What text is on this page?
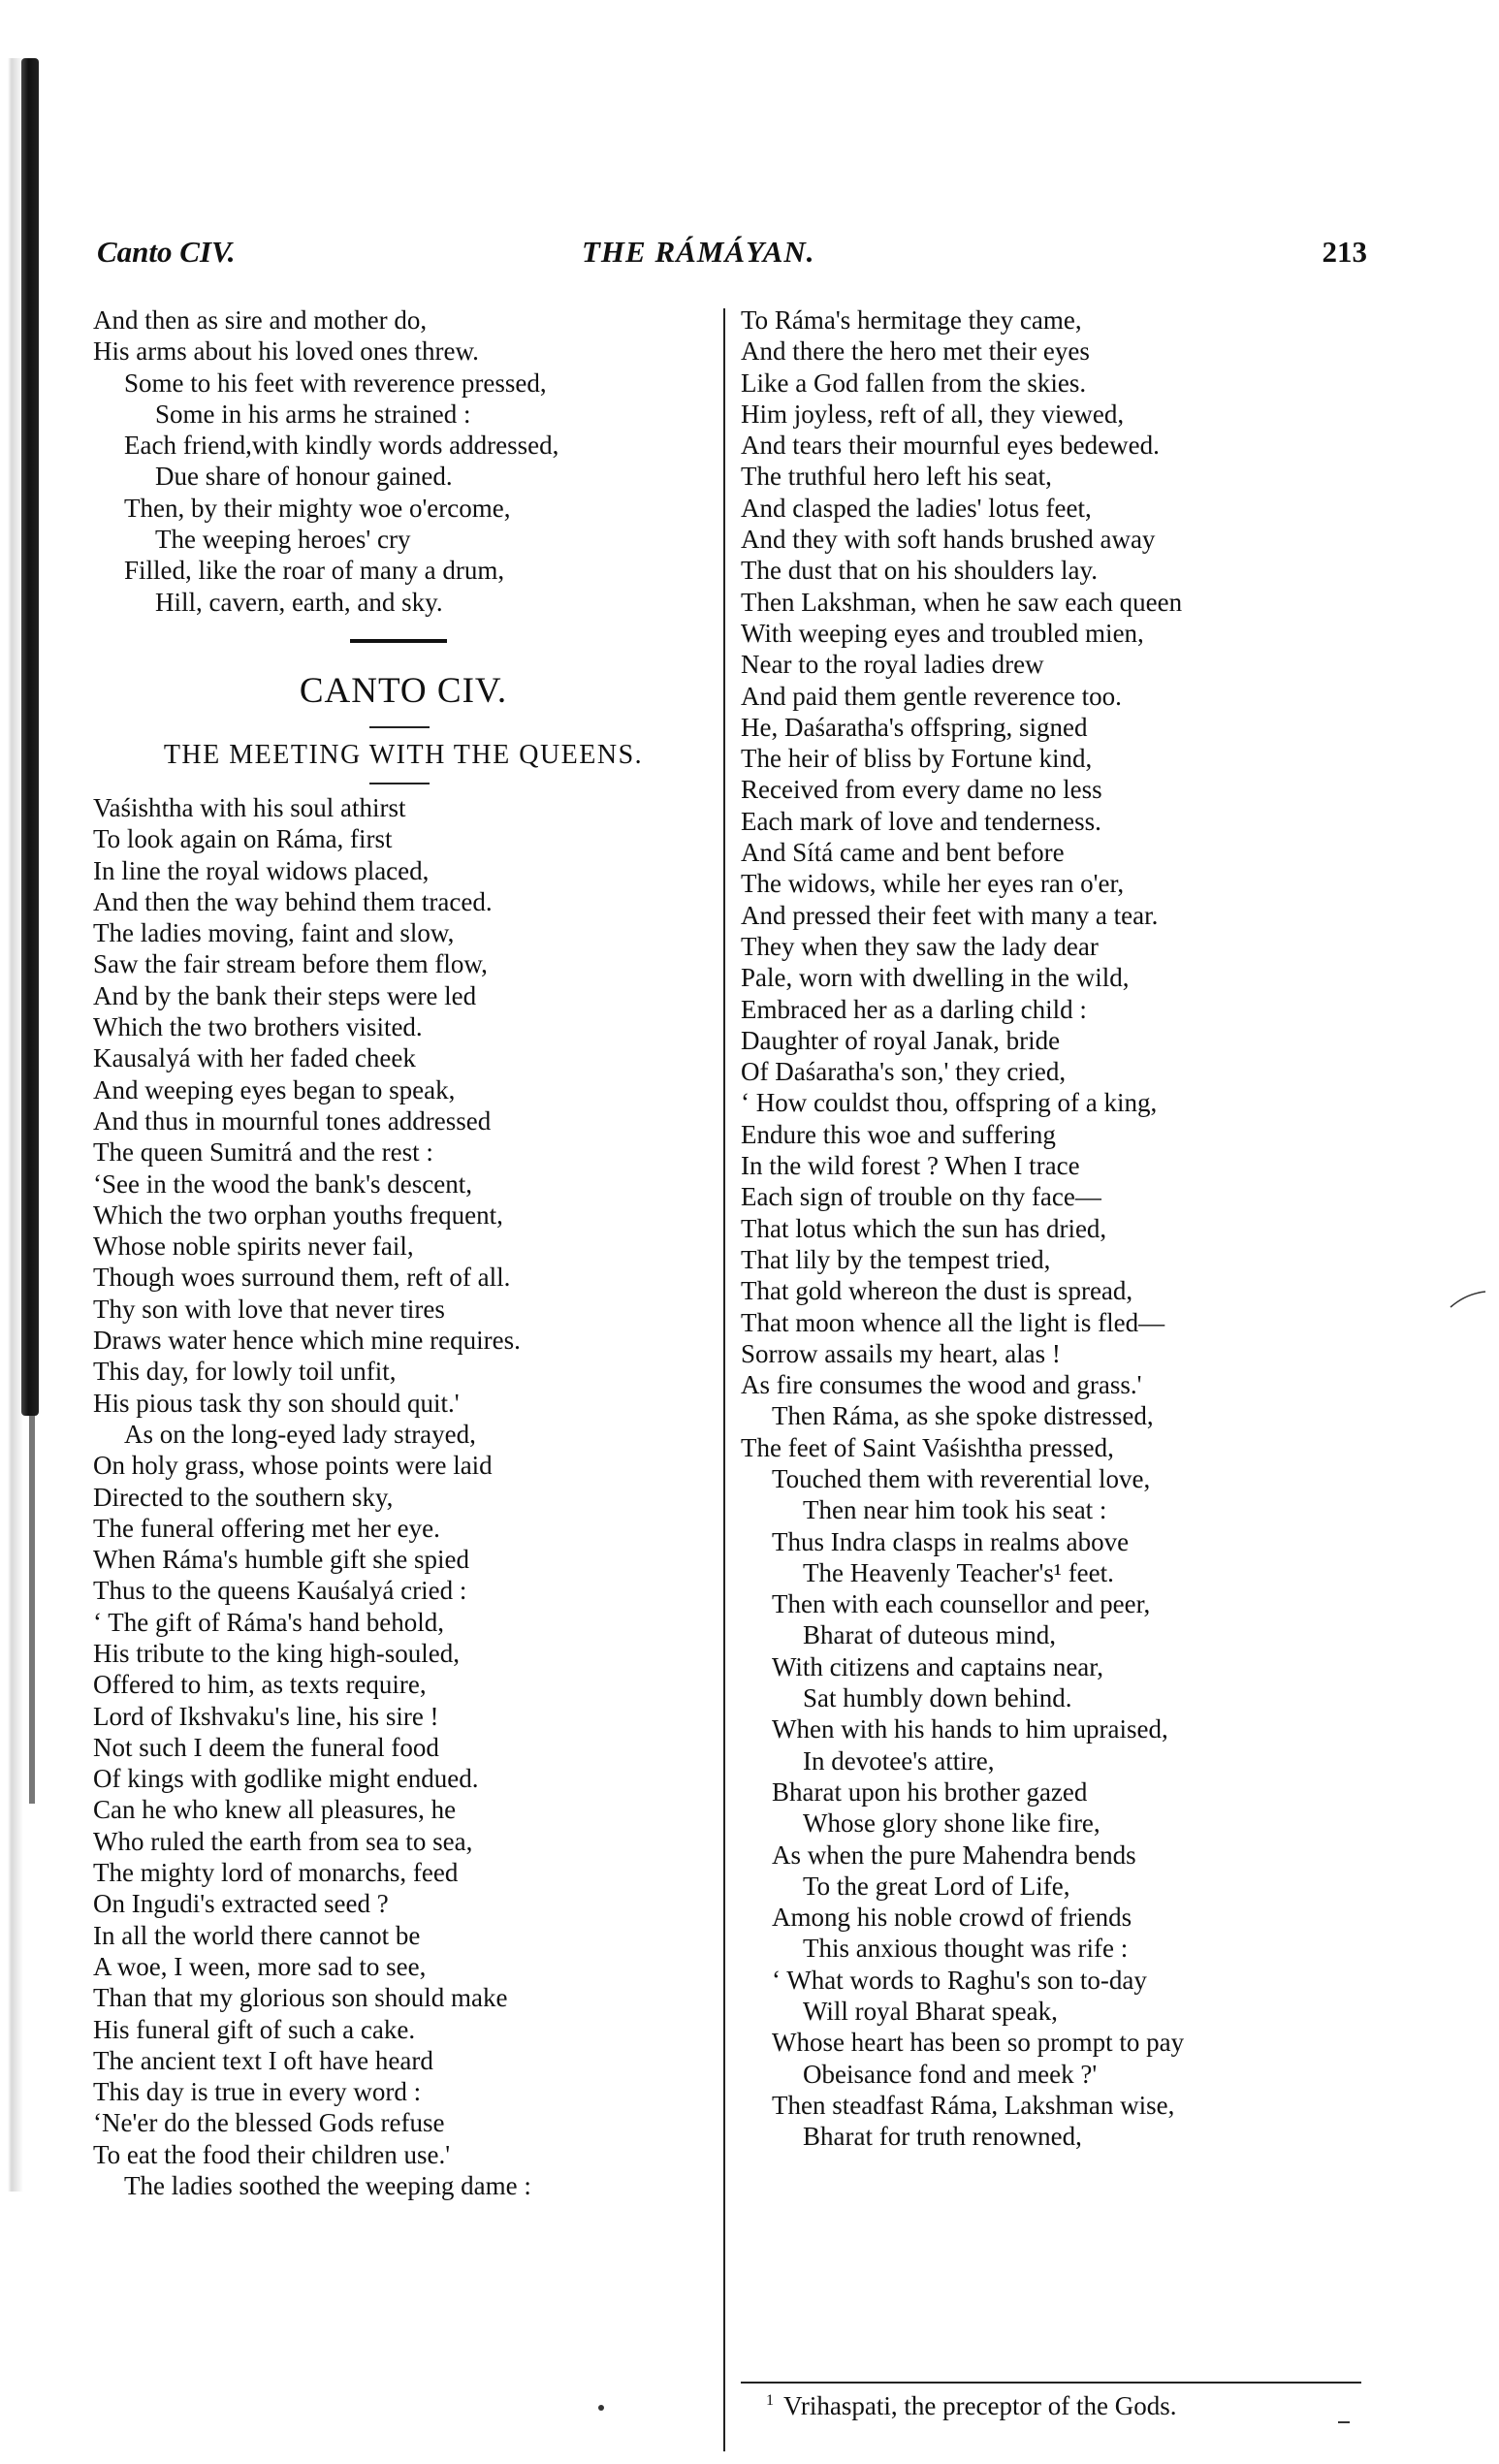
Canto CIV.	THE RÁMÁYAN.	213
And then as sire and mother do,
His arms about his loved ones threw.
Some to his feet with reverence pressed,
Some in his arms he strained :
Each friend,with kindly words addressed,
Due share of honour gained.
Then, by their mighty woe o'ercome,
The weeping heroes' cry
Filled, like the roar of many a drum,
Hill, cavern, earth, and sky.
CANTO CIV.
THE MEETING WITH THE QUEENS.
Vaśishtha with his soul athirst
To look again on Ráma, first
In line the royal widows placed,
And then the way behind them traced.
The ladies moving, faint and slow,
Saw the fair stream before them flow,
And by the bank their steps were led
Which the two brothers visited.
Kausalyá with her faded cheek
And weeping eyes began to speak,
And thus in mournful tones addressed
The queen Sumitrá and the rest :
‘See in the wood the bank's descent,
Which the two orphan youths frequent,
Whose noble spirits never fail,
Though woes surround them, reft of all.
Thy son with love that never tires
Draws water hence which mine requires.
This day, for lowly toil unfit,
His pious task thy son should quit.'
As on the long-eyed lady strayed,
On holy grass, whose points were laid
Directed to the southern sky,
The funeral offering met her eye.
When Ráma's humble gift she spied
Thus to the queens Kauśalyá cried :
‘ The gift of Ráma's hand behold,
His tribute to the king high-souled,
Offered to him, as texts require,
Lord of Ikshvaku's line, his sire !
Not such I deem the funeral food
Of kings with godlike might endued.
Can he who knew all pleasures, he
Who ruled the earth from sea to sea,
The mighty lord of monarchs, feed
On Ingudi's extracted seed ?
In all the world there cannot be
A woe, I ween, more sad to see,
Than that my glorious son should make
His funeral gift of such a cake.
The ancient text I oft have heard
This day is true in every word :
‘Ne'er do the blessed Gods refuse
To eat the food their children use.'
The ladies soothed the weeping dame :
To Ráma's hermitage they came,
And there the hero met their eyes
Like a God fallen from the skies.
Him joyless, reft of all, they viewed,
And tears their mournful eyes bedewed.
The truthful hero left his seat,
And clasped the ladies' lotus feet,
And they with soft hands brushed away
The dust that on his shoulders lay.
Then Lakshman, when he saw each queen
With weeping eyes and troubled mien,
Near to the royal ladies drew
And paid them gentle reverence too.
He, Daśaratha's offspring, signed
The heir of bliss by Fortune kind,
Received from every dame no less
Each mark of love and tenderness.
And Sítá came and bent before
The widows, while her eyes ran o'er,
And pressed their feet with many a tear.
They when they saw the lady dear
Pale, worn with dwelling in the wild,
Embraced her as a darling child :
Daughter of royal Janak, bride
Of Daśaratha's son,' they cried,
‘ How couldst thou, offspring of a king,
Endure this woe and suffering
In the wild forest ? When I trace
Each sign of trouble on thy face—
That lotus which the sun has dried,
That lily by the tempest tried,
That gold whereon the dust is spread,
That moon whence all the light is fled—
Sorrow assails my heart, alas !
As fire consumes the wood and grass.'
Then Ráma, as she spoke distressed,
The feet of Saint Vaśishtha pressed,
Touched them with reverential love,
Then near him took his seat :
Thus Indra clasps in realms above
The Heavenly Teacher's¹ feet.
Then with each counsellor and peer,
Bharat of duteous mind,
With citizens and captains near,
Sat humbly down behind.
When with his hands to him upraised,
In devotee's attire,
Bharat upon his brother gazed
Whose glory shone like fire,
As when the pure Mahendra bends
To the great Lord of Life,
Among his noble crowd of friends
This anxious thought was rife :
‘ What words to Raghu's son to-day
Will royal Bharat speak,
Whose heart has been so prompt to pay
Obeisance fond and meek ?'
Then steadfast Ráma, Lakshman wise,
Bharat for truth renowned,
$^1$ Vrihaspati, the preceptor of the Gods.
